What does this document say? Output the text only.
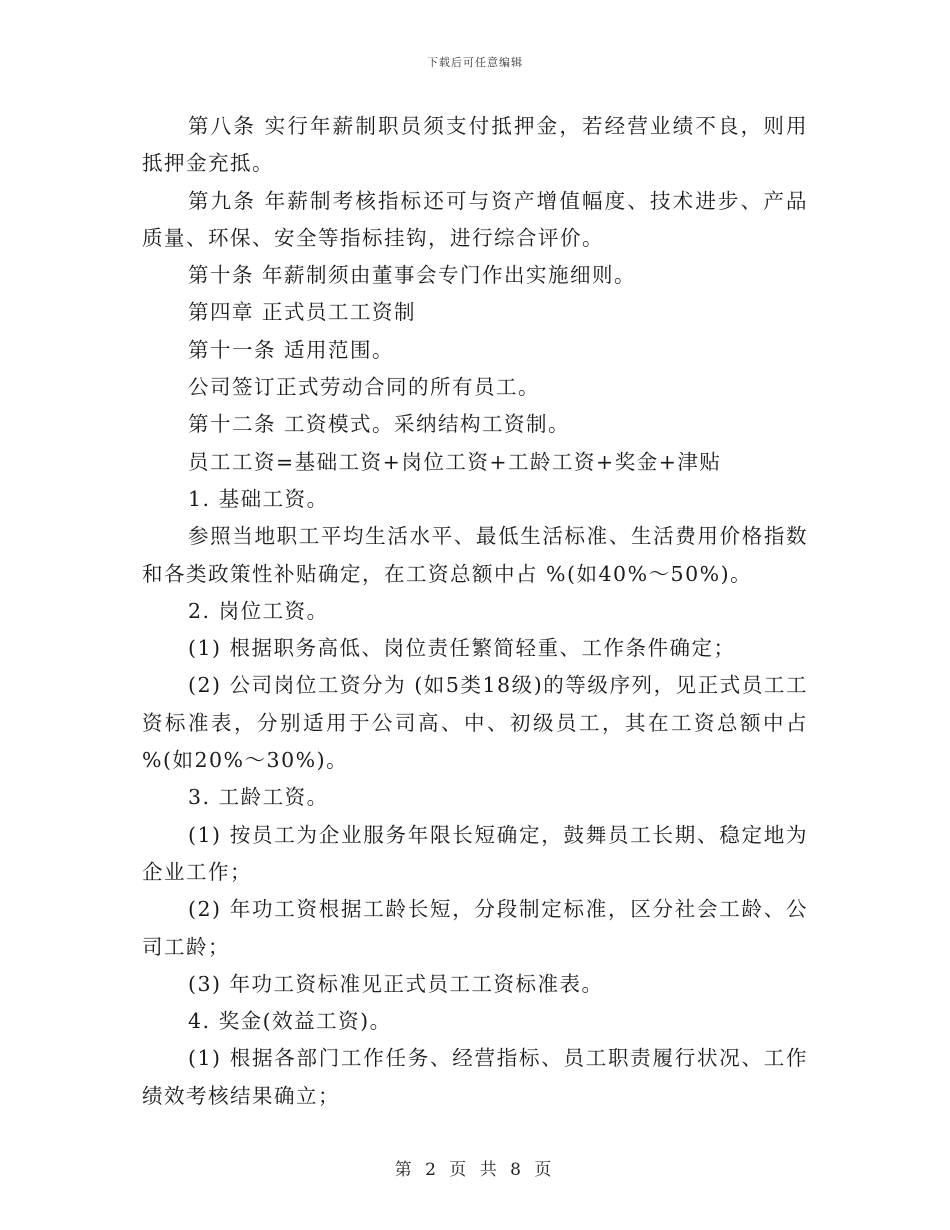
下载后可任意编辑

第八条 实行年薪制职员须支付抵押金，若经营业绩不良，则用抵押金充抵。

第九条 年薪制考核指标还可与资产增值幅度、技术进步、产品质量、环保、安全等指标挂钩，进行综合评价。

第十条 年薪制须由董事会专门作出实施细则。

第四章 正式员工工资制

第十一条 适用范围。

公司签订正式劳动合同的所有员工。

第十二条 工资模式。采纳结构工资制。

员工工资=基础工资+岗位工资+工龄工资+奖金+津贴

1. 基础工资。

参照当地职工平均生活水平、最低生活标准、生活费用价格指数和各类政策性补贴确定，在工资总额中占 %(如40%～50%)。

2. 岗位工资。

(1) 根据职务高低、岗位责任繁简轻重、工作条件确定；

(2) 公司岗位工资分为 (如5类18级)的等级序列，见正式员工工资标准表，分别适用于公司高、中、初级员工，其在工资总额中占 %(如20%～30%)。

3. 工龄工资。

(1) 按员工为企业服务年限长短确定，鼓舞员工长期、稳定地为企业工作；

(2) 年功工资根据工龄长短，分段制定标准，区分社会工龄、公司工龄；

(3) 年功工资标准见正式员工工资标准表。

4. 奖金(效益工资)。

(1) 根据各部门工作任务、经营指标、员工职责履行状况、工作绩效考核结果确立；

第 2 页 共 8 页
